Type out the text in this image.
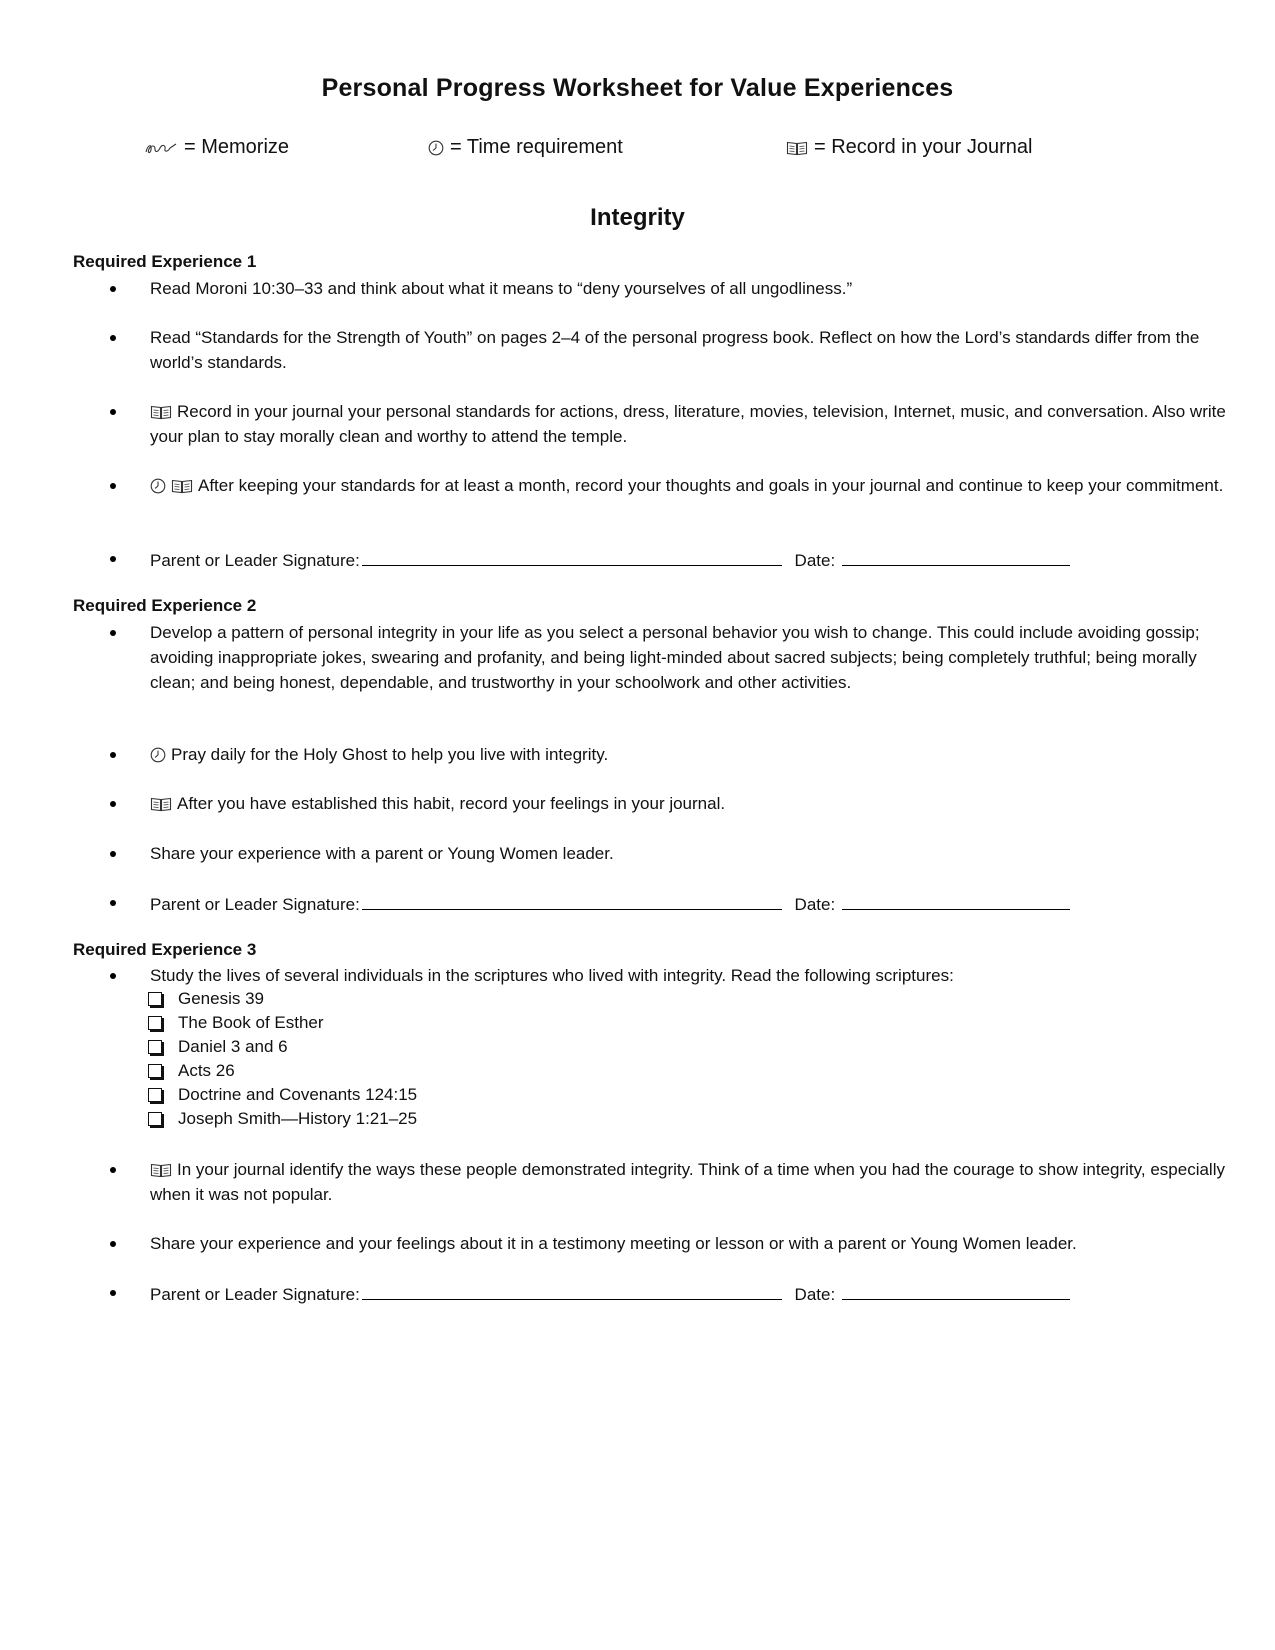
Personal Progress Worksheet for Value Experiences
= Memorize	= Time requirement	= Record in your Journal
Integrity
Required Experience 1
Read Moroni 10:30–33 and think about what it means to “deny yourselves of all ungodliness.”
Read “Standards for the Strength of Youth” on pages 2–4 of the personal progress book. Reflect on how the Lord’s standards differ from the world’s standards.
Record in your journal your personal standards for actions, dress, literature, movies, television, Internet, music, and conversation. Also write your plan to stay morally clean and worthy to attend the temple.
After keeping your standards for at least a month, record your thoughts and goals in your journal and continue to keep your commitment.
Parent or Leader Signature:	Date:
Required Experience 2
Develop a pattern of personal integrity in your life as you select a personal behavior you wish to change. This could include avoiding gossip; avoiding inappropriate jokes, swearing and profanity, and being light-minded about sacred subjects; being completely truthful; being morally clean; and being honest, dependable, and trustworthy in your schoolwork and other activities.
Pray daily for the Holy Ghost to help you live with integrity.
After you have established this habit, record your feelings in your journal.
Share your experience with a parent or Young Women leader.
Parent or Leader Signature:	Date:
Required Experience 3
Study the lives of several individuals in the scriptures who lived with integrity. Read the following scriptures:
Genesis 39
The Book of Esther
Daniel 3 and 6
Acts 26
Doctrine and Covenants 124:15
Joseph Smith—History 1:21–25
In your journal identify the ways these people demonstrated integrity. Think of a time when you had the courage to show integrity, especially when it was not popular.
Share your experience and your feelings about it in a testimony meeting or lesson or with a parent or Young Women leader.
Parent or Leader Signature:	Date:
